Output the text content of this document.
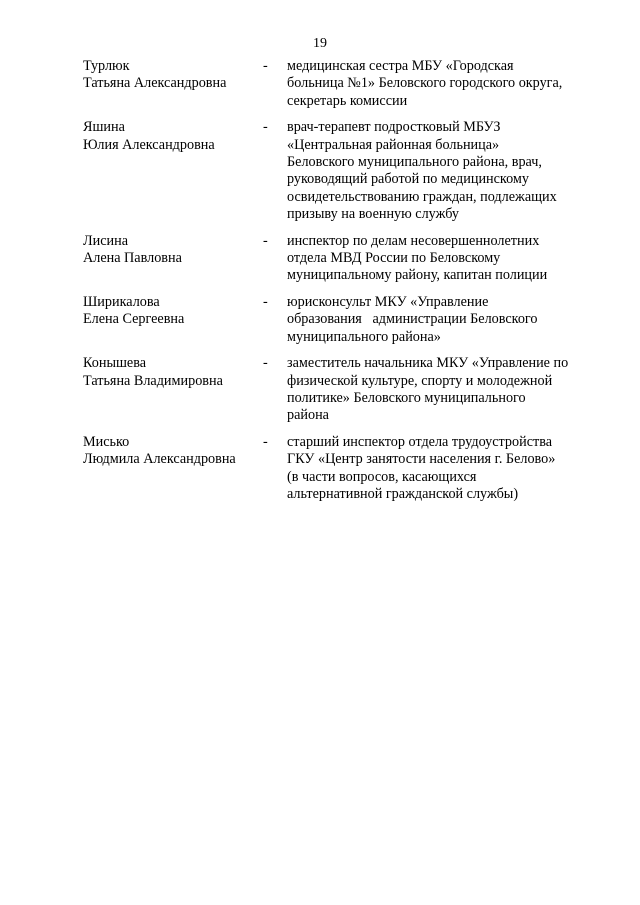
19
Турлюк
Татьяна Александровна
-	медицинская сестра МБУ «Городская
больница №1» Беловского городского округа,
секретарь комиссии
Яшина
Юлия Александровна
-	врач-терапевт подростковый МБУЗ
«Центральная районная больница»
Беловского муниципального района, врач,
руководящий работой по медицинскому
освидетельствованию граждан, подлежащих
призыву на военную службу
Лисина
Алена Павловна
-	инспектор по делам несовершеннолетних
отдела МВД России по Беловскому
муниципальному району, капитан полиции
Ширикалова
Елена Сергеевна
-	юрисконсульт МКУ «Управление
образования   администрации Беловского
муниципального района»
Конышева
Татьяна Владимировна
-	заместитель начальника МКУ «Управление по
физической культуре, спорту и молодежной
политике» Беловского муниципального
района
Мисько
Людмила Александровна
-	старший инспектор отдела трудоустройства
ГКУ «Центр занятости населения г. Белово»
(в части вопросов, касающихся
альтернативной гражданской службы)
